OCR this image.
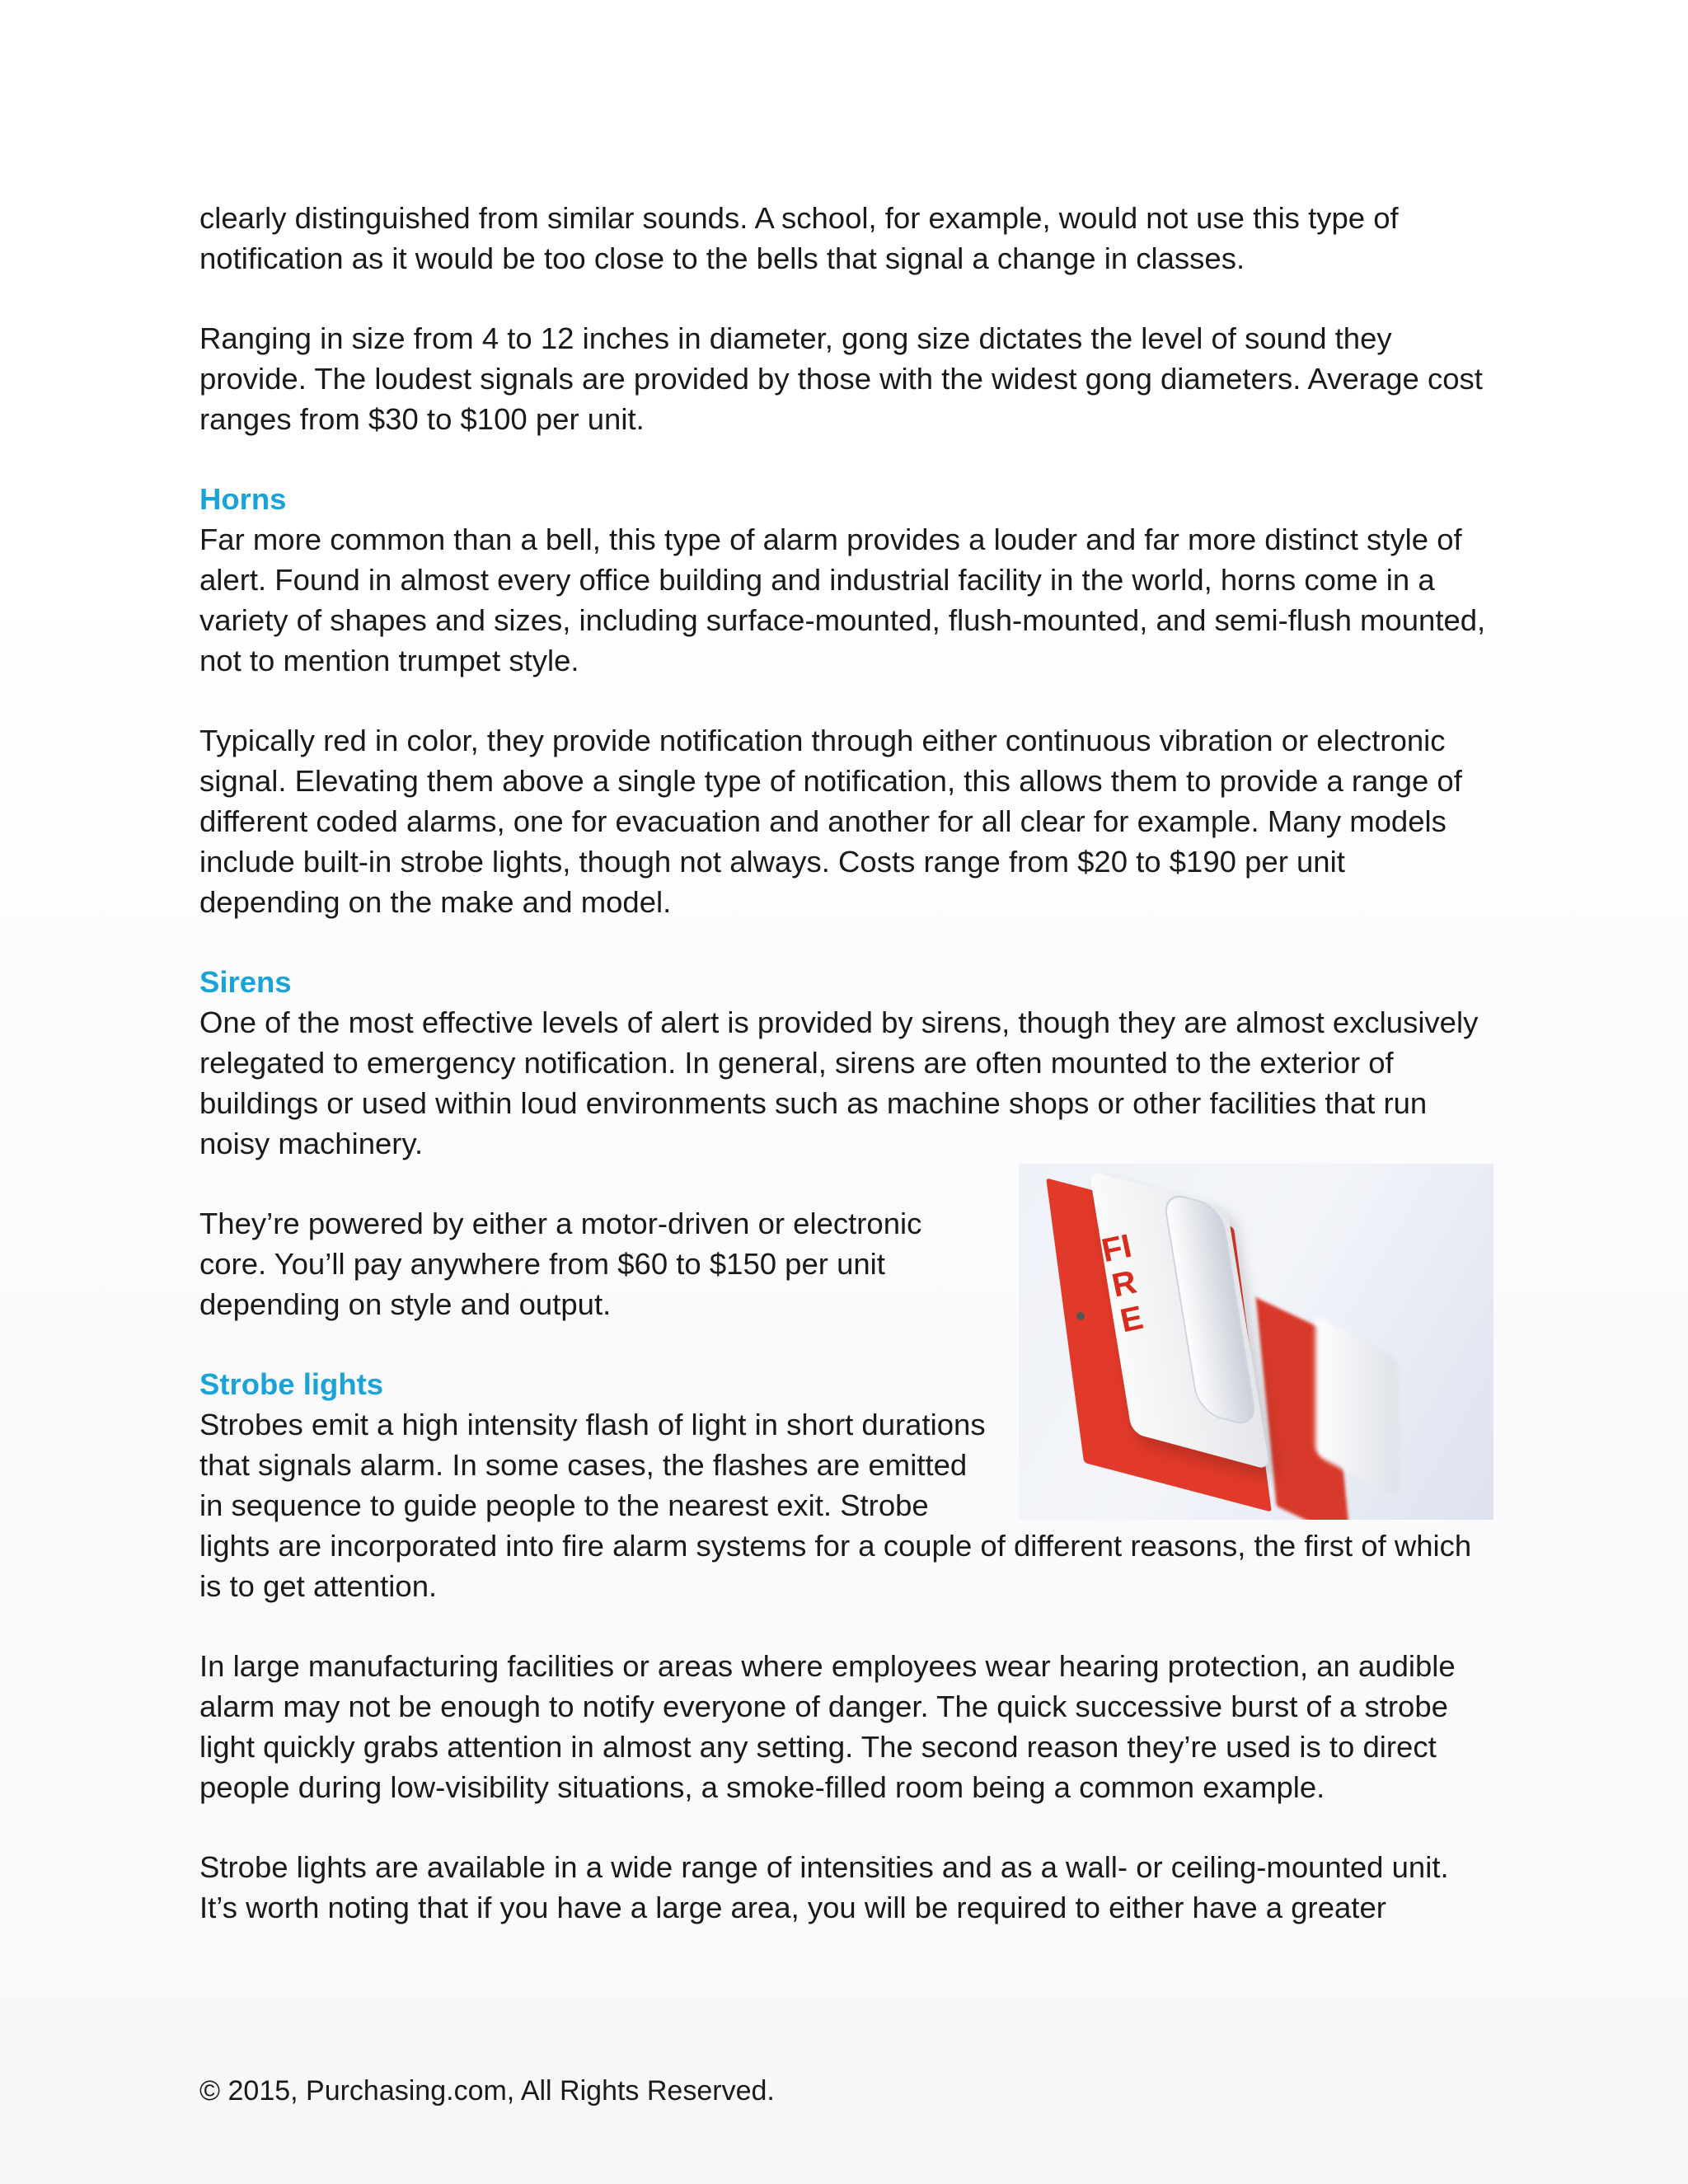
clearly distinguished from similar sounds. A school, for example, would not use this type of notification as it would be too close to the bells that signal a change in classes.

Ranging in size from 4 to 12 inches in diameter, gong size dictates the level of sound they provide. The loudest signals are provided by those with the widest gong diameters. Average cost ranges from $30 to $100 per unit.

Horns

Far more common than a bell, this type of alarm provides a louder and far more distinct style of alert. Found in almost every office building and industrial facility in the world, horns come in a variety of shapes and sizes, including surface-mounted, flush-mounted, and semi-flush mounted, not to mention trumpet style.

Typically red in color, they provide notification through either continuous vibration or electronic signal. Elevating them above a single type of notification, this allows them to provide a range of different coded alarms, one for evacuation and another for all clear for example. Many models include built-in strobe lights, though not always. Costs range from $20 to $190 per unit depending on the make and model.

Sirens

One of the most effective levels of alert is provided by sirens, though they are almost exclusively relegated to emergency notification. In general, sirens are often mounted to the exterior of buildings or used within loud environments such as machine shops or other facilities that run noisy machinery.

FIRE

They’re powered by either a motor-driven or electronic core. You’ll pay anywhere from $60 to $150 per unit depending on style and output.

Strobe lights

Strobes emit a high intensity flash of light in short durations that signals alarm. In some cases, the flashes are emitted in sequence to guide people to the nearest exit. Strobe lights are incorporated into fire alarm systems for a couple of different reasons, the first of which is to get attention.

In large manufacturing facilities or areas where employees wear hearing protection, an audible alarm may not be enough to notify everyone of danger. The quick successive burst of a strobe light quickly grabs attention in almost any setting. The second reason they’re used is to direct people during low-visibility situations, a smoke-filled room being a common example.

Strobe lights are available in a wide range of intensities and as a wall- or ceiling-mounted unit. It’s worth noting that if you have a large area, you will be required to either have a greater

© 2015, Purchasing.com, All Rights Reserved.
